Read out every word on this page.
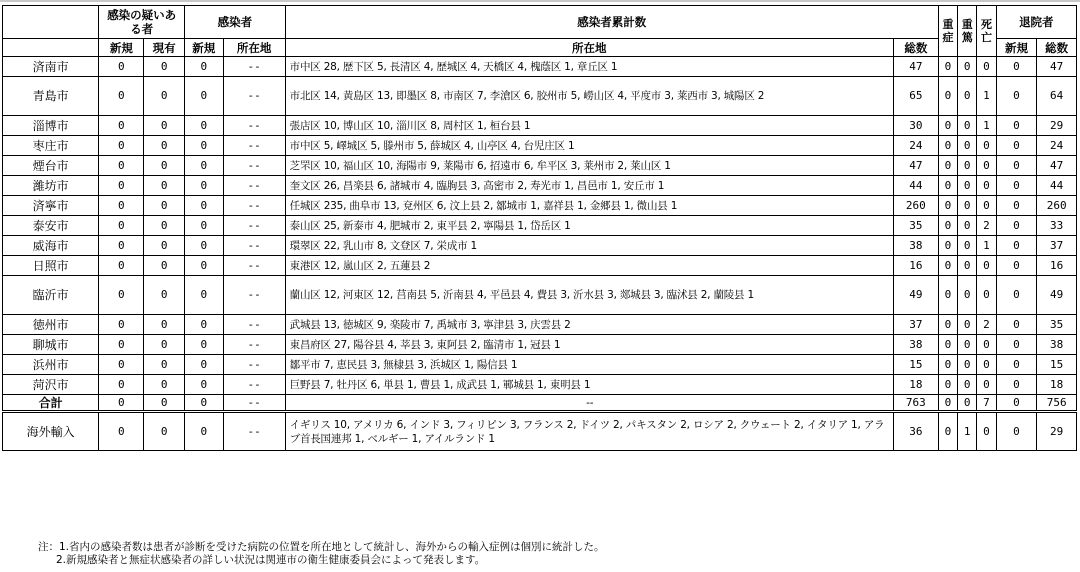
	感染の疑いある者		感染者		感染者累計数		重症	重篤	死亡	退院者	

	新規	現有	新規	所在地	所在地	総数				新規	総数
済南市	0	0	0	--	市中区 28, 歴下区 5, 長清区 4, 歴城区 4, 天橋区 4, 槐蔭区 1, 章丘区 1	47	0	0	0	0	47
青島市	0	0	0	--	市北区 14, 黄島区 13, 即墨区 8, 市南区 7, 李滄区 6, 胶州市 5, 嶗山区 4, 平度市 3, 莱西市 3, 城陽区 2	65	0	0	1	0	64
淄博市	0	0	0	--	張店区 10, 博山区 10, 淄川区 8, 周村区 1, 桓台县 1	30	0	0	1	0	29
枣庄市	0	0	0	--	市中区 5, 嶧城区 5, 滕州市 5, 薛城区 4, 山亭区 4, 台児庄区 1	24	0	0	0	0	24
煙台市	0	0	0	--	芝罘区 10, 福山区 10, 海陽市 9, 莱陽市 6, 招遠市 6, 牟平区 3, 莱州市 2, 莱山区 1	47	0	0	0	0	47
濰坊市	0	0	0	--	奎文区 26, 昌楽县 6, 諸城市 4, 臨朐县 3, 高密市 2, 寿光市 1, 昌邑市 1, 安丘市 1	44	0	0	0	0	44
済寧市	0	0	0	--	任城区 235, 曲阜市 13, 兗州区 6, 汶上县 2, 鄒城市 1, 嘉祥县 1, 金郷县 1, 微山县 1	260	0	0	0	0	260
泰安市	0	0	0	--	泰山区 25, 新泰市 4, 肥城市 2, 東平县 2, 寧陽县 1, 岱岳区 1	35	0	0	2	0	33
威海市	0	0	0	--	環翠区 22, 乳山市 8, 文登区 7, 栄成市 1	38	0	0	1	0	37
日照市	0	0	0	--	東港区 12, 嵐山区 2, 五蓮县 2	16	0	0	0	0	16
臨沂市	0	0	0	--	蘭山区 12, 河東区 12, 莒南县 5, 沂南县 4, 平邑县 4, 費县 3, 沂水县 3, 郯城县 3, 臨沭县 2, 蘭陵县 1	49	0	0	0	0	49
徳州市	0	0	0	--	武城县 13, 徳城区 9, 楽陵市 7, 禹城市 3, 寧津县 3, 庆雲县 2	37	0	0	2	0	35
聊城市	0	0	0	--	東昌府区 27, 陽谷县 4, 莘县 3, 東阿县 2, 臨清市 1, 冠县 1	38	0	0	0	0	38
浜州市	0	0	0	--	鄒平市 7, 恵民县 3, 無棣县 3, 浜城区 1, 陽信县 1	15	0	0	0	0	15
菏沢市	0	0	0	--	巨野县 7, 牡丹区 6, 単县 1, 曹县 1, 成武县 1, 鄆城县 1, 東明县 1	18	0	0	0	0	18
合計	0	0	0	--	--	763	0	0	7	0	756
海外輸入	0	0	0	--	イギリス 10, アメリカ 6, インド 3, フィリピン 3, フランス 2, ドイツ 2, パキスタン 2, ロシア 2, クウェート 2, イタリア 1, アラブ首長国連邦 1, ベルギー 1, アイルランド 1	36	0	1	0	0	29
注：1.省内の感染者数は患者が診断を受けた病院の位置を所在地として統計し、海外からの輸入症例は個別に統計した。
2.新規感染者と無症状感染者の詳しい状況は関連市の衛生健康委員会によって発表します。
